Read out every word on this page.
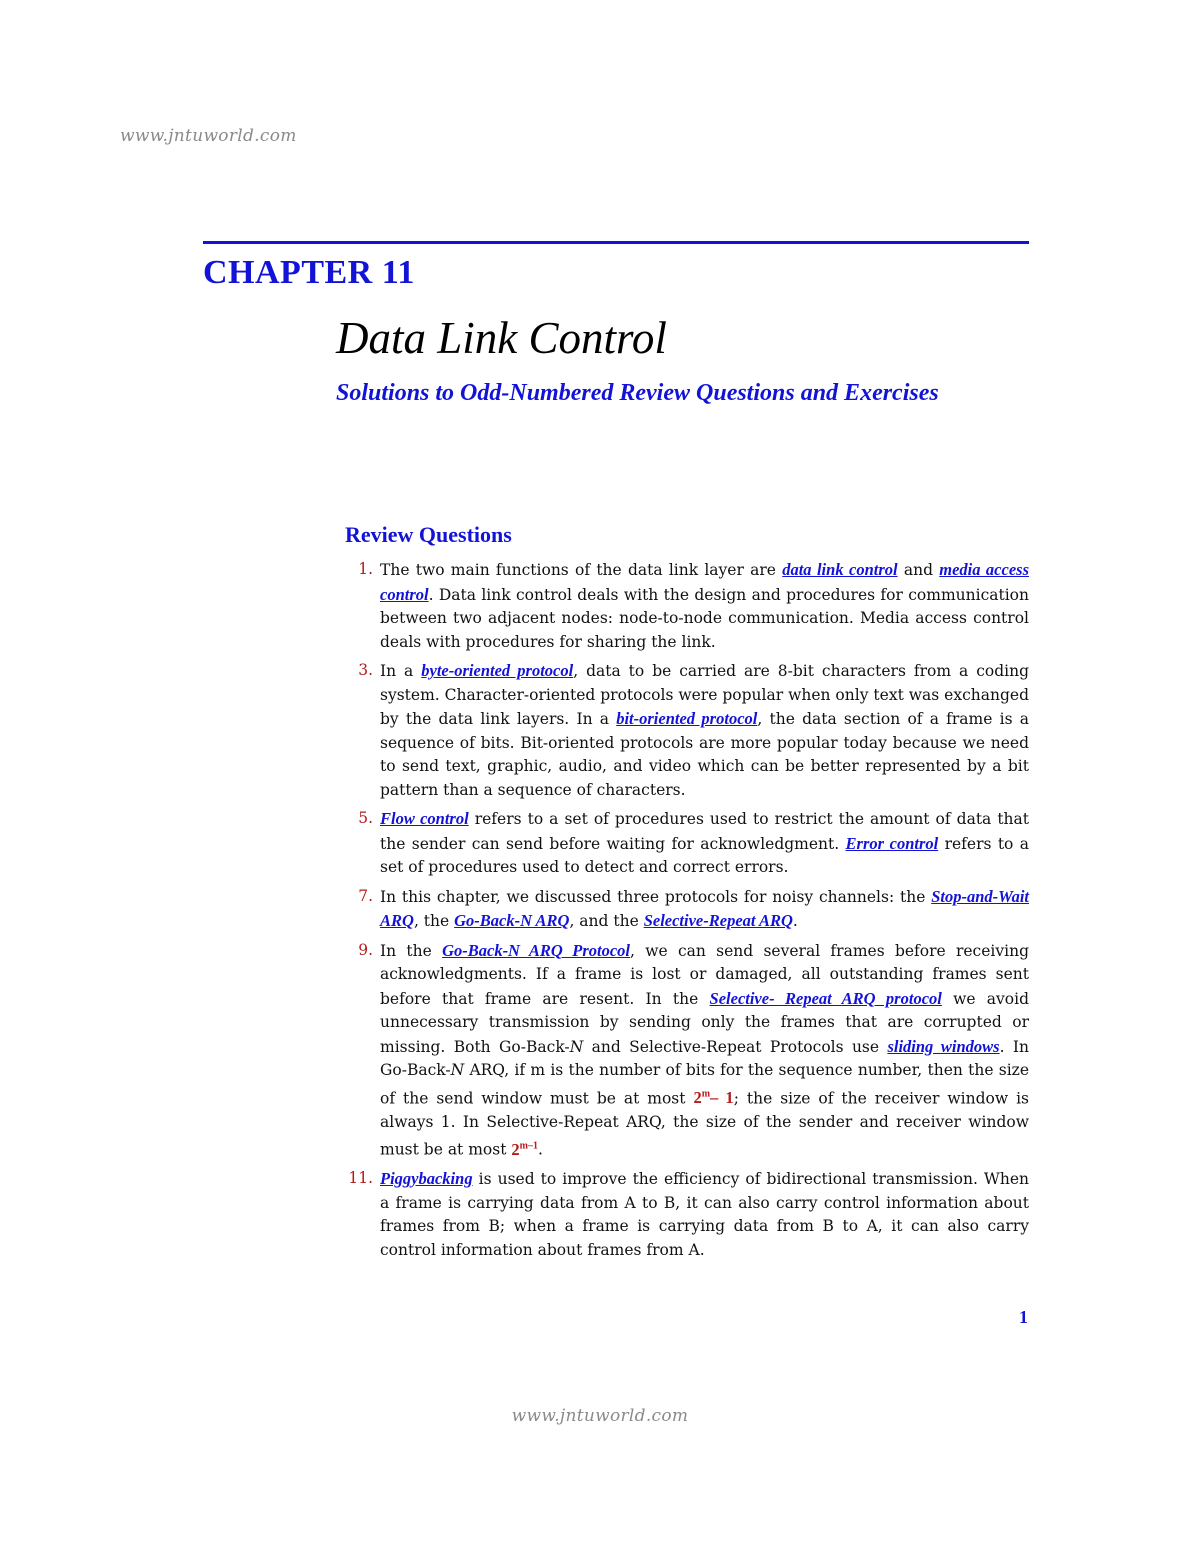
www.jntuworld.com
CHAPTER 11
Data Link Control
Solutions to Odd-Numbered Review Questions and Exercises
Review Questions
1. The two main functions of the data link layer are data link control and media access control. Data link control deals with the design and procedures for communication between two adjacent nodes: node-to-node communication. Media access control deals with procedures for sharing the link.
3. In a byte-oriented protocol, data to be carried are 8-bit characters from a coding system. Character-oriented protocols were popular when only text was exchanged by the data link layers. In a bit-oriented protocol, the data section of a frame is a sequence of bits. Bit-oriented protocols are more popular today because we need to send text, graphic, audio, and video which can be better represented by a bit pattern than a sequence of characters.
5. Flow control refers to a set of procedures used to restrict the amount of data that the sender can send before waiting for acknowledgment. Error control refers to a set of procedures used to detect and correct errors.
7. In this chapter, we discussed three protocols for noisy channels: the Stop-and-Wait ARQ, the Go-Back-N ARQ, and the Selective-Repeat ARQ.
9. In the Go-Back-N ARQ Protocol, we can send several frames before receiving acknowledgments. If a frame is lost or damaged, all outstanding frames sent before that frame are resent. In the Selective- Repeat ARQ protocol we avoid unnecessary transmission by sending only the frames that are corrupted or missing. Both Go-Back-N and Selective-Repeat Protocols use sliding windows. In Go-Back-N ARQ, if m is the number of bits for the sequence number, then the size of the send window must be at most 2$^m$– 1; the size of the receiver window is always 1. In Selective-Repeat ARQ, the size of the sender and receiver window must be at most 2$^{m-1}$.
11. Piggybacking is used to improve the efficiency of bidirectional transmission. When a frame is carrying data from A to B, it can also carry control information about frames from B; when a frame is carrying data from B to A, it can also carry control information about frames from A.
1
www.jntuworld.com
